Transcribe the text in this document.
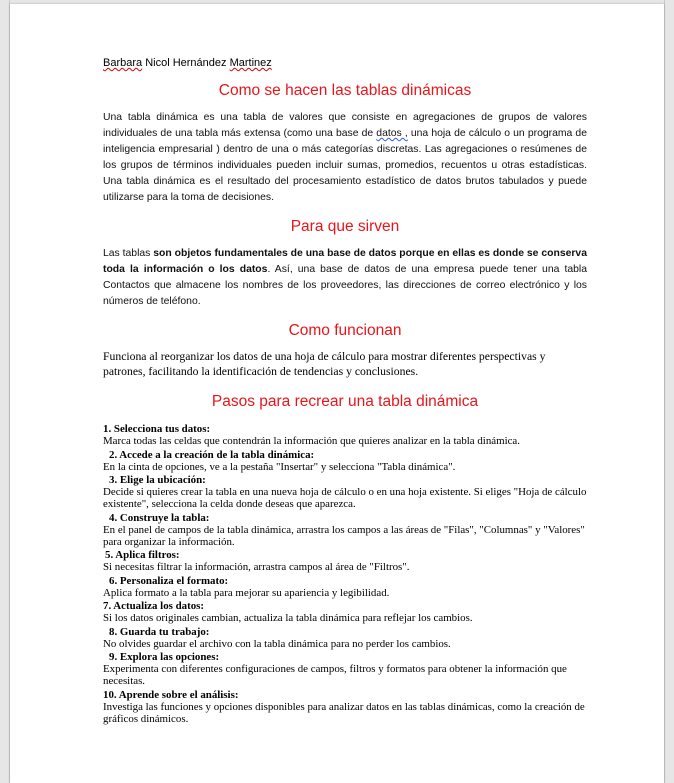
Barbara Nicol Hernández Martinez

Como se hacen las tablas dinámicas

Una tabla dinámica es una tabla de valores que consiste en agregaciones de grupos de valores individuales de una tabla más extensa (como una base de datos , una hoja de cálculo o un programa de inteligencia empresarial ) dentro de una o más categorías discretas. Las agregaciones o resúmenes de los grupos de términos individuales pueden incluir sumas, promedios, recuentos u otras estadísticas. Una tabla dinámica es el resultado del procesamiento estadístico de datos brutos tabulados y puede utilizarse para la toma de decisiones.

Para que sirven

Las tablas son objetos fundamentales de una base de datos porque en ellas es donde se conserva toda la información o los datos. Así, una base de datos de una empresa puede tener una tabla Contactos que almacene los nombres de los proveedores, las direcciones de correo electrónico y los números de teléfono.

Como funcionan

Funciona al reorganizar los datos de una hoja de cálculo para mostrar diferentes perspectivas y patrones, facilitando la identificación de tendencias y conclusiones.

Pasos para recrear una tabla dinámica
1. Selecciona tus datos:
Marca todas las celdas que contendrán la información que quieres analizar en la tabla dinámica.
2. Accede a la creación de la tabla dinámica:
En la cinta de opciones, ve a la pestaña "Insertar" y selecciona "Tabla dinámica".
3. Elige la ubicación:
Decide si quieres crear la tabla en una nueva hoja de cálculo o en una hoja existente. Si eliges "Hoja de cálculo existente", selecciona la celda donde deseas que aparezca.
4. Construye la tabla:
En el panel de campos de la tabla dinámica, arrastra los campos a las áreas de "Filas", "Columnas" y "Valores" para organizar la información.
5. Aplica filtros:
Si necesitas filtrar la información, arrastra campos al área de "Filtros".
6. Personaliza el formato:
Aplica formato a la tabla para mejorar su apariencia y legibilidad.
7. Actualiza los datos:
Si los datos originales cambian, actualiza la tabla dinámica para reflejar los cambios.
8. Guarda tu trabajo:
No olvides guardar el archivo con la tabla dinámica para no perder los cambios.
9. Explora las opciones:
Experimenta con diferentes configuraciones de campos, filtros y formatos para obtener la información que necesitas.
10. Aprende sobre el análisis:
Investiga las funciones y opciones disponibles para analizar datos en las tablas dinámicas, como la creación de gráficos dinámicos.
